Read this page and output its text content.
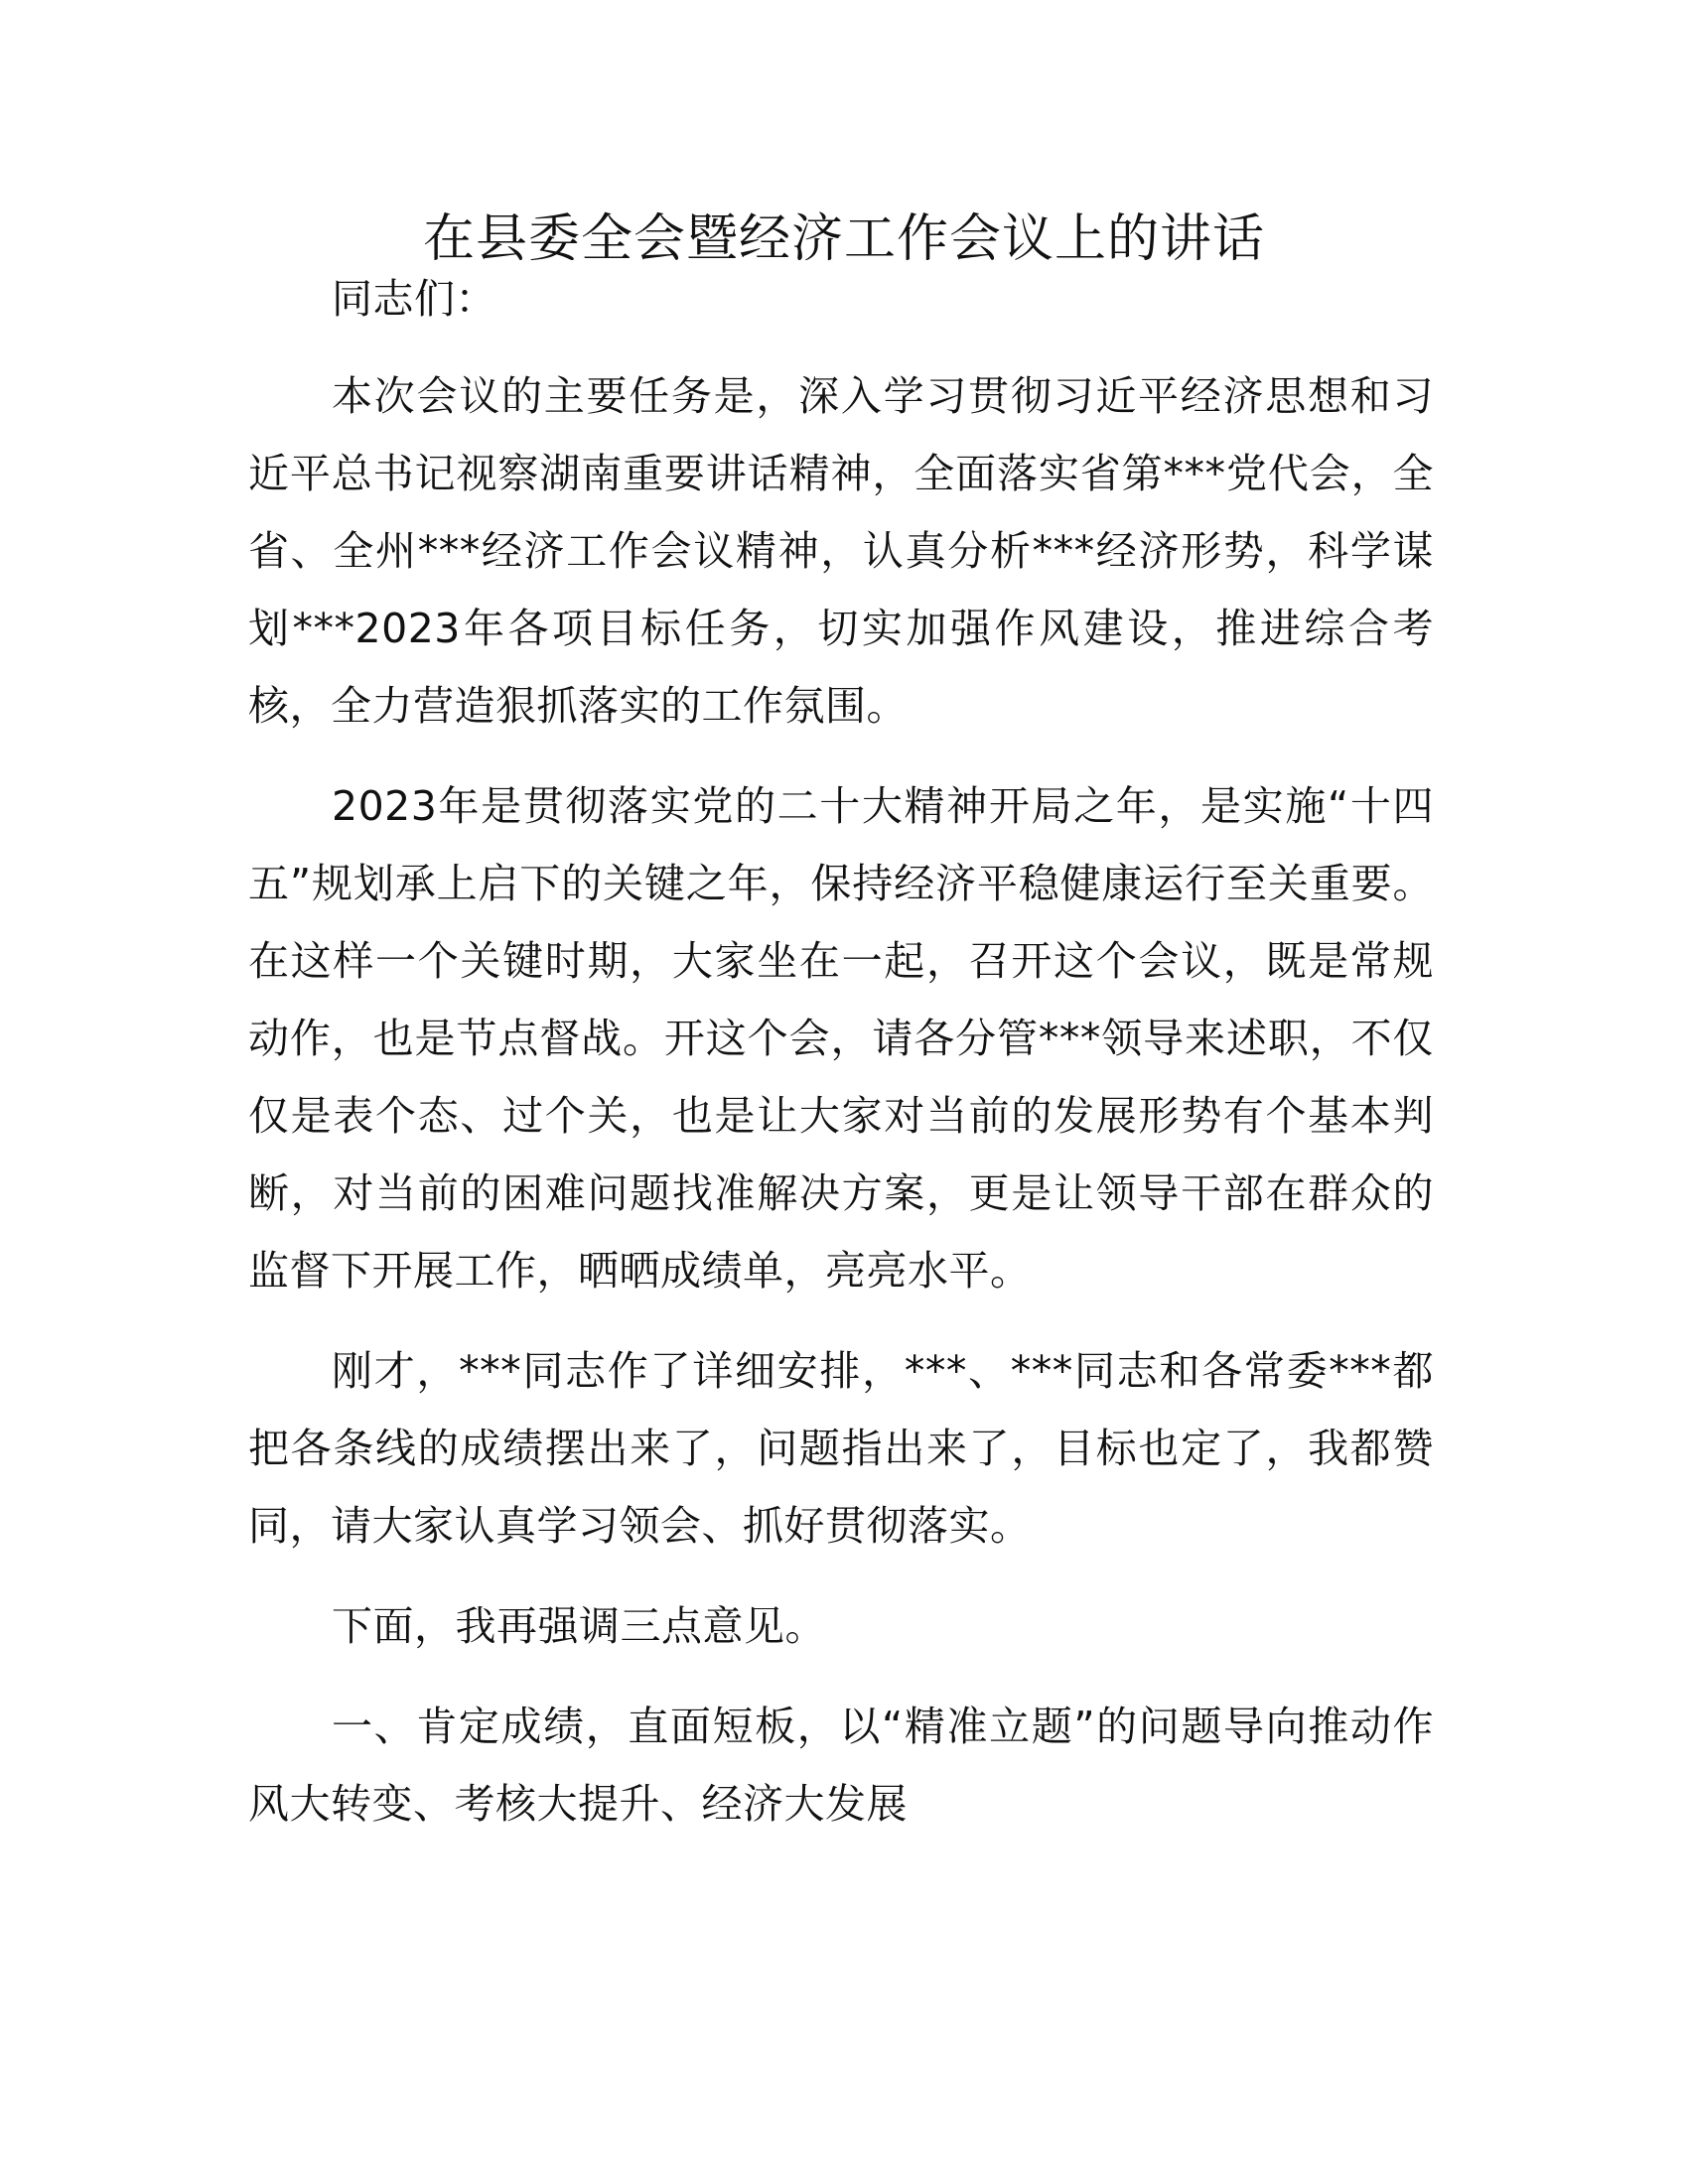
在县委全会暨经济工作会议上的讲话

同志们：

本次会议的主要任务是，深入学习贯彻习近平经济思想和习近平总书记视察湖南重要讲话精神，全面落实省第***党代会，全省、全州***经济工作会议精神，认真分析***经济形势，科学谋划***2023年各项目标任务，切实加强作风建设，推进综合考核，全力营造狠抓落实的工作氛围。

2023年是贯彻落实党的二十大精神开局之年，是实施“十四五”规划承上启下的关键之年，保持经济平稳健康运行至关重要。在这样一个关键时期，大家坐在一起，召开这个会议，既是常规动作，也是节点督战。开这个会，请各分管***领导来述职，不仅仅是表个态、过个关，也是让大家对当前的发展形势有个基本判断，对当前的困难问题找准解决方案，更是让领导干部在群众的监督下开展工作，晒晒成绩单，亮亮水平。

刚才，***同志作了详细安排，***、***同志和各常委***都把各条线的成绩摆出来了，问题指出来了，目标也定了，我都赞同，请大家认真学习领会、抓好贯彻落实。

下面，我再强调三点意见。

一、肯定成绩，直面短板，以“精准立题”的问题导向推动作风大转变、考核大提升、经济大发展
